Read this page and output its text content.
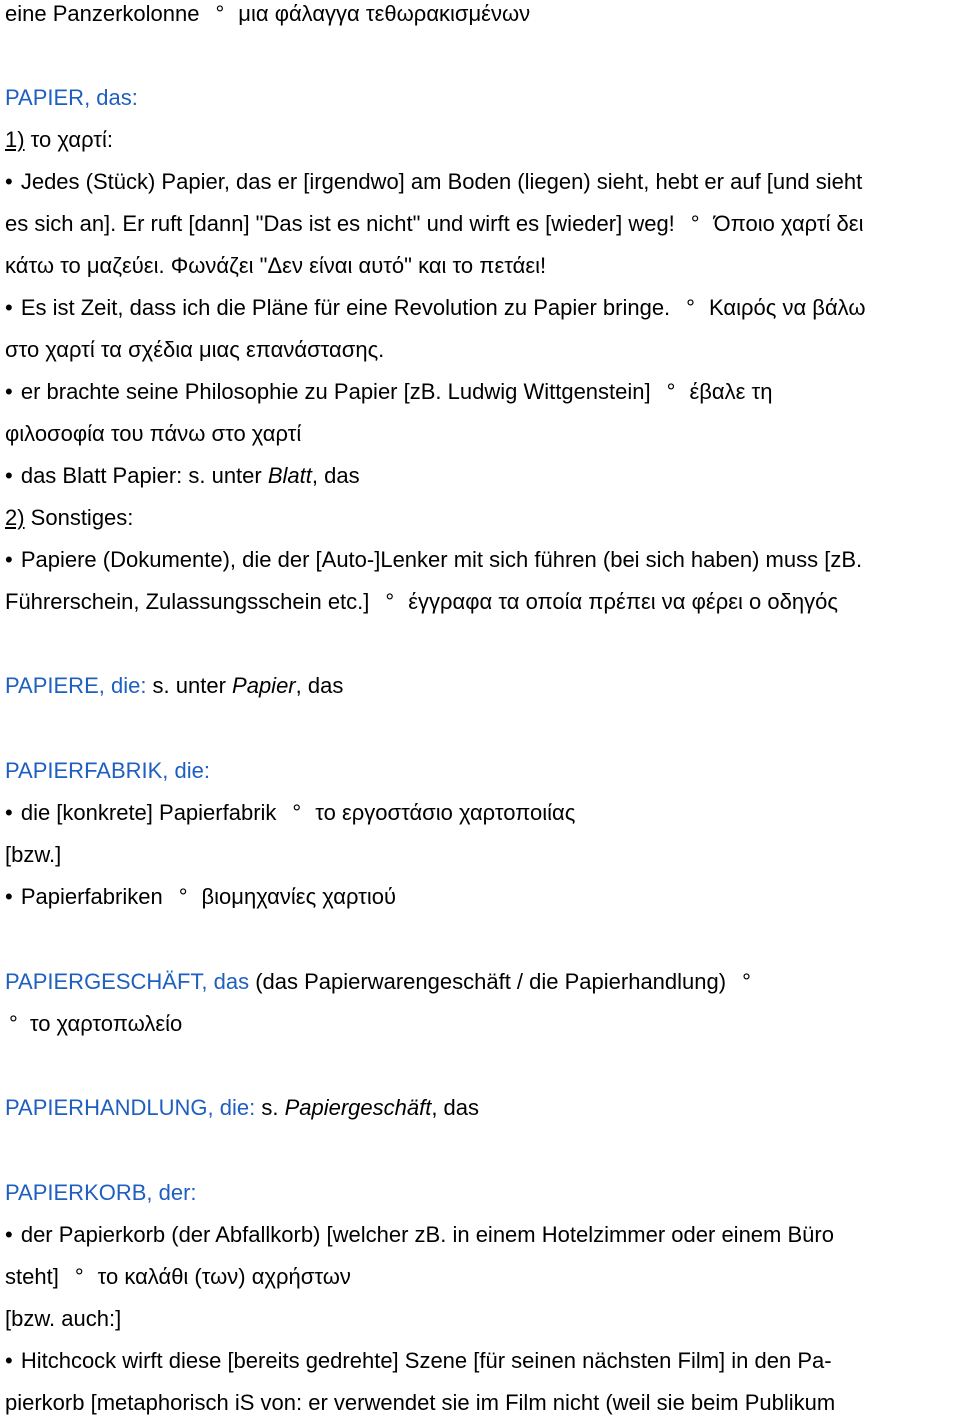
eine Panzerkolonne ° μια φάλαγγα τεθωρακισμένων
PAPIER, das:
1) το χαρτί:
• Jedes (Stück) Papier, das er [irgendwo] am Boden (liegen) sieht, hebt er auf [und sieht
es sich an]. Er ruft [dann] "Das ist es nicht" und wirft es [wieder] weg! ° Όποιο χαρτί δει
κάτω το μαζεύει. Φωνάζει "Δεν είναι αυτό" και το πετάει!
• Es ist Zeit, dass ich die Pläne für eine Revolution zu Papier bringe. ° Καιρός να βάλω
στο χαρτί τα σχέδια μιας επανάστασης.
• er brachte seine Philosophie zu Papier [zB. Ludwig Wittgenstein] ° έβαλε τη
φιλοσοφία του πάνω στο χαρτί
• das Blatt Papier: s. unter Blatt, das
2) Sonstiges:
• Papiere (Dokumente), die der [Auto-]Lenker mit sich führen (bei sich haben) muss [zB.
Führerschein, Zulassungsschein etc.] ° έγγραφα τα οποία πρέπει να φέρει ο οδηγός
PAPIERE, die: s. unter Papier, das
PAPIERFABRIK, die:
• die [konkrete] Papierfabrik ° το εργοστάσιο χαρτοποιίας
[bzw.]
• Papierfabriken ° βιομηχανίες χαρτιού
PAPIERGESCHÄFT, das (das Papierwarengeschäft / die Papierhandlung) °
° το χαρτοπωλείο
PAPIERHANDLUNG, die: s. Papiergeschäft, das
PAPIERKORB, der:
• der Papierkorb (der Abfallkorb) [welcher zB. in einem Hotelzimmer oder einem Büro
steht] ° το καλάθι (των) αχρήστων
[bzw. auch:]
• Hitchcock wirft diese [bereits gedrehte] Szene [für seinen nächsten Film] in den Pa-
pierkorb [metaphorisch iS von: er verwendet sie im Film nicht (weil sie beim Publikum
